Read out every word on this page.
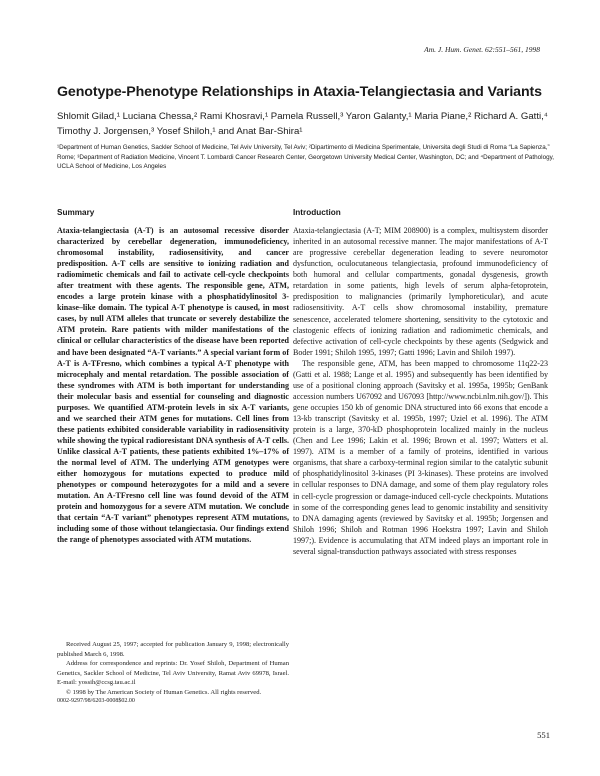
Am. J. Hum. Genet. 62:551–561, 1998
Genotype-Phenotype Relationships in Ataxia-Telangiectasia and Variants
Shlomit Gilad,¹ Luciana Chessa,² Rami Khosravi,¹ Pamela Russell,³ Yaron Galanty,¹ Maria Piane,² Richard A. Gatti,⁴ Timothy J. Jorgensen,³ Yosef Shiloh,¹ and Anat Bar-Shira¹
¹Department of Human Genetics, Sackler School of Medicine, Tel Aviv University, Tel Aviv; ²Dipartimento di Medicina Sperimentale, Universita degli Studi di Roma “La Sapienza,” Rome; ³Department of Radiation Medicine, Vincent T. Lombardi Cancer Research Center, Georgetown University Medical Center, Washington, DC; and ⁴Department of Pathology, UCLA School of Medicine, Los Angeles
Summary

Ataxia-telangiectasia (A-T) is an autosomal recessive disorder characterized by cerebellar degeneration, immunodeficiency, chromosomal instability, radiosensitivity, and cancer predisposition. A-T cells are sensitive to ionizing radiation and radiomimetic chemicals and fail to activate cell-cycle checkpoints after treatment with these agents. The responsible gene, ATM, encodes a large protein kinase with a phosphatidylinositol 3-kinase–like domain. The typical A-T phenotype is caused, in most cases, by null ATM alleles that truncate or severely destabilize the ATM protein. Rare patients with milder manifestations of the clinical or cellular characteristics of the disease have been reported and have been designated “A-T variants.” A special variant form of A-T is A-TFresno, which combines a typical A-T phenotype with microcephaly and mental retardation. The possible association of these syndromes with ATM is both important for understanding their molecular basis and essential for counseling and diagnostic purposes. We quantified ATM-protein levels in six A-T variants, and we searched their ATM genes for mutations. Cell lines from these patients exhibited considerable variability in radiosensitivity while showing the typical radioresistant DNA synthesis of A-T cells. Unlike classical A-T patients, these patients exhibited 1%–17% of the normal level of ATM. The underlying ATM genotypes were either homozygous for mutations expected to produce mild phenotypes or compound heterozygotes for a mild and a severe mutation. An A-TFresno cell line was found devoid of the ATM protein and homozygous for a severe ATM mutation. We conclude that certain “A-T variant” phenotypes represent ATM mutations, including some of those without telangiectasia. Our findings extend the range of phenotypes associated with ATM mutations.

Received August 25, 1997; accepted for publication January 9, 1998; electronically published March 6, 1998.

Address for correspondence and reprints: Dr. Yosef Shiloh, Department of Human Genetics, Sackler School of Medicine, Tel Aviv University, Ramat Aviv 69978, Israel. E-mail: yossih@ccsg.tau.ac.il

© 1998 by The American Society of Human Genetics. All rights reserved.

0002-9297/98/6203-0008$02.00

Introduction

Ataxia-telangiectasia (A-T; MIM 208900) is a complex, multisystem disorder inherited in an autosomal recessive manner. The major manifestations of A-T are progressive cerebellar degeneration leading to severe neuromotor dysfunction, oculocutaneous telangiectasia, profound immunodeficiency of both humoral and cellular compartments, gonadal dysgenesis, growth retardation in some patients, high levels of serum alpha-fetoprotein, predisposition to malignancies (primarily lymphoreticular), and acute radiosensitivity. A-T cells show chromosomal instability, premature senescence, accelerated telomere shortening, sensitivity to the cytotoxic and clastogenic effects of ionizing radiation and radiomimetic chemicals, and defective activation of cell-cycle checkpoints by these agents (Sedgwick and Boder 1991; Shiloh 1995, 1997; Gatti 1996; Lavin and Shiloh 1997).

The responsible gene, ATM, has been mapped to chromosome 11q22-23 (Gatti et al. 1988; Lange et al. 1995) and subsequently has been identified by use of a positional cloning approach (Savitsky et al. 1995a, 1995b; GenBank accession numbers U67092 and U67093 [http://www.ncbi.nlm.nih.gov/]). This gene occupies 150 kb of genomic DNA structured into 66 exons that encode a 13-kb transcript (Savitsky et al. 1995b, 1997; Uziel et al. 1996). The ATM protein is a large, 370-kD phosphoprotein localized mainly in the nucleus (Chen and Lee 1996; Lakin et al. 1996; Brown et al. 1997; Watters et al. 1997). ATM is a member of a family of proteins, identified in various organisms, that share a carboxy-terminal region similar to the catalytic subunit of phosphatidylinositol 3-kinases (PI 3-kinases). These proteins are involved in cellular responses to DNA damage, and some of them play regulatory roles in cell-cycle progression or damage-induced cell-cycle checkpoints. Mutations in some of the corresponding genes lead to genomic instability and sensitivity to DNA damaging agents (reviewed by Savitsky et al. 1995b; Jorgensen and Shiloh 1996; Shiloh and Rotman 1996 Hoekstra 1997; Lavin and Shiloh 1997;). Evidence is accumulating that ATM indeed plays an important role in several signal-transduction pathways associated with stress responses

551
